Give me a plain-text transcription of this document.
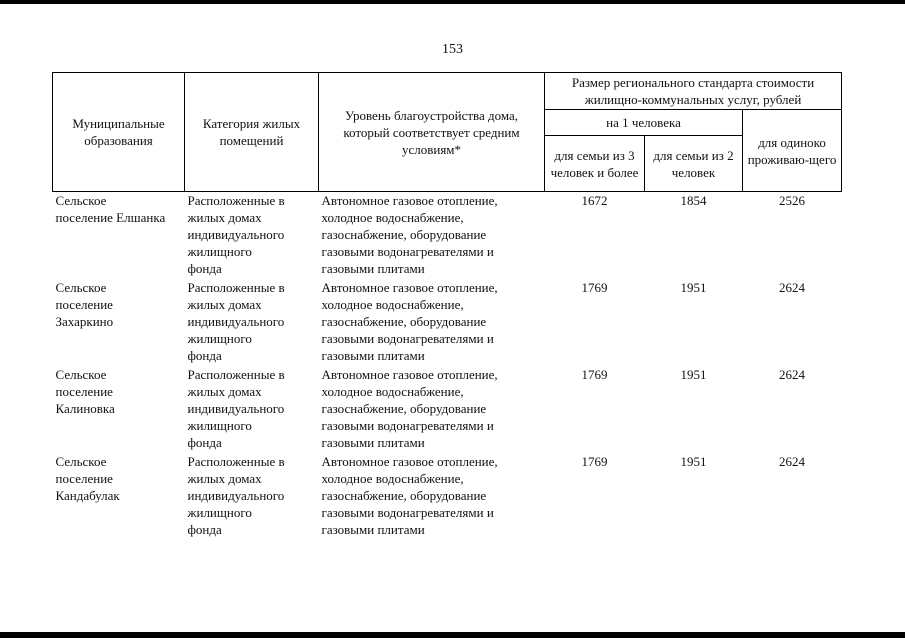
153
Муниципальные образования	Категория жилых помещений	Уровень благоустройства дома, который соответствует средним условиям*	Размер регионального стандарта стоимости жилищно-коммунальных услуг, рублей		
			на 1 человека		для одиноко проживаю-щего
			для семьи из 3 человек и более	для семьи из 2 человек	
Сельское
поселение Елшанка	Расположенные в
жилых домах
индивидуального
жилищного
фонда	Автономное газовое отопление,
холодное водоснабжение,
газоснабжение, оборудование
газовыми водонагревателями и
газовыми плитами	1672	1854	2526
Сельское
поселение
Захаркино	Расположенные в
жилых домах
индивидуального
жилищного
фонда	Автономное газовое отопление,
холодное водоснабжение,
газоснабжение, оборудование
газовыми водонагревателями и
газовыми плитами	1769	1951	2624
Сельское
поселение
Калиновка	Расположенные в
жилых домах
индивидуального
жилищного
фонда	Автономное газовое отопление,
холодное водоснабжение,
газоснабжение, оборудование
газовыми водонагревателями и
газовыми плитами	1769	1951	2624
Сельское
поселение
Кандабулак	Расположенные в
жилых домах
индивидуального
жилищного
фонда	Автономное газовое отопление,
холодное водоснабжение,
газоснабжение, оборудование
газовыми водонагревателями и
газовыми плитами	1769	1951	2624
